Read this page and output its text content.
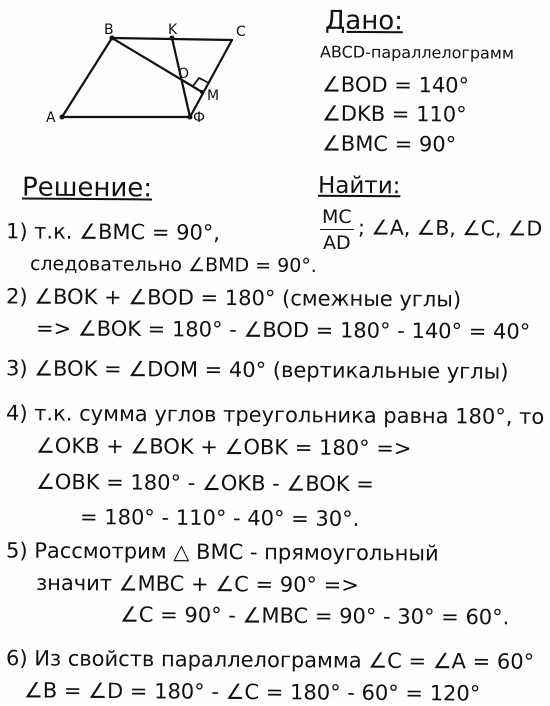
B	K	C
O
M
A	Ф
Дано:
ABCD-параллелограмм
∠BOD = 140°
∠DKB = 110°
∠BMC = 90°
Найти:
$\frac{MC}{AD}$ ; ∠A, ∠B, ∠C, ∠D
Решение:
1) т.к. ∠BMC = 90°,
следовательно ∠BMD = 90°.
2) ∠BOK + ∠BOD = 180° (смежные углы)
=> ∠BOK = 180° - ∠BOD = 180° - 140° = 40°
3) ∠BOK = ∠DOM = 40° (вертикальные углы)
4) т.к. сумма углов треугольника равна 180°, то
∠OKB + ∠BOK + ∠OBK = 180° =>
∠OBK = 180° - ∠OKB - ∠BOK =
= 180° - 110° - 40° = 30°.
5) Рассмотрим △ BMC - прямоугольный
значит ∠MBC + ∠C = 90° =>
∠C = 90° - ∠MBC = 90° - 30° = 60°.
6) Из свойств параллелограмма ∠C = ∠A = 60°
∠B = ∠D = 180° - ∠C = 180° - 60° = 120°
